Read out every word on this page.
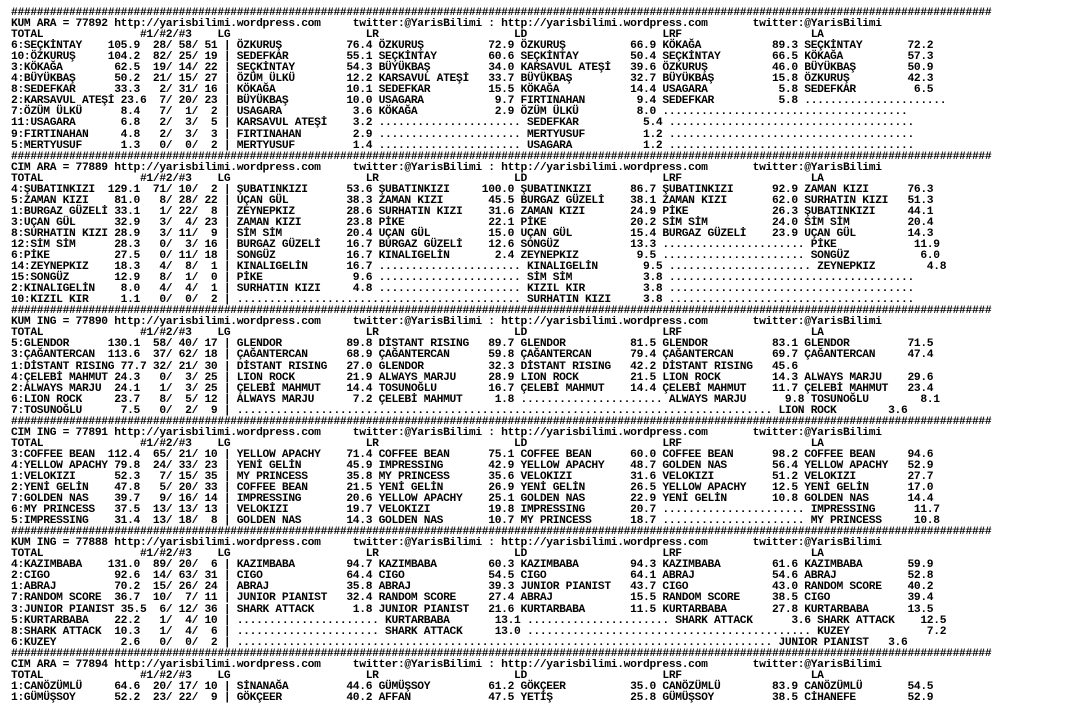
########################################################################################################################################################
KUM ARA = 77892 http://yarisbilimi.wordpress.com     twitter:@YarisBilimi : http://yarisbilimi.wordpress.com       twitter:@YarisBilimi
TOTAL               #1/#2/#3    LG                     LR                     LD                     LRF                    LA
6:SEÇKİNTAY    105.9  28/ 58/ 51 | ÖZKURUŞ          76.4 ÖZKURUŞ          72.9 ÖZKURUŞ          66.9 KÖKAĞA           89.3 SEÇKİNTAY       72.2
10:ÖZKURUŞ     104.2  82/ 25/ 19 | SEDEFKAR         55.1 SEÇKİNTAY        60.6 SEÇKİNTAY        50.4 SEÇKİNTAY        66.5 KÖKAĞA          57.3
3:KÖKAĞA        62.5  19/ 14/ 22 | SEÇKİNTAY        54.3 BÜYÜKBAŞ         34.0 KARSAVUL ATEŞİ   39.6 ÖZKURUŞ          46.0 BÜYÜKBAŞ        50.9
4:BÜYÜKBAŞ      50.2  21/ 15/ 27 | ÖZÜM ÜLKÜ        12.2 KARSAVUL ATEŞİ   33.7 BÜYÜKBAŞ         32.7 BÜYÜKBAŞ         15.8 ÖZKURUŞ         42.3
8:SEDEFKAR      33.3   2/ 31/ 16 | KÖKAĞA           10.1 SEDEFKAR         15.5 KÖKAĞA           14.4 USAGARA           5.8 SEDEFKAR         6.5
2:KARSAVUL ATEŞİ 23.6  7/ 20/ 23 | BÜYÜKBAŞ         10.0 USAGARA           9.7 FIRTINAHAN        9.4 SEDEFKAR          5.8 ......................
7:ÖZÜM ÜLKÜ      8.4   7/  1/  2 | USAGARA           3.6 KÖKAĞA            2.9 ÖZÜM ÜLKÜ         8.0 ......................................
11:USAGARA       6.8   2/  3/  5 | KARSAVUL ATEŞİ    3.2 ...................... SEDEFKAR          5.4 ......................................
9:FIRTINAHAN     4.8   2/  3/  3 | FIRTINAHAN        2.9 ...................... MERTYUSUF         1.2 ......................................
5:MERTYUSUF      1.3   0/  0/  2 | MERTYUSUF         1.4 ...................... USAGARA           1.2 ......................................
########################################################################################################################################################
CIM ARA = 77889 http://yarisbilimi.wordpress.com     twitter:@YarisBilimi : http://yarisbilimi.wordpress.com       twitter:@YarisBilimi
TOTAL               #1/#2/#3    LG                     LR                     LD                     LRF                    LA
4:ŞUBATINKIZI  129.1  71/ 10/  2 | ŞUBATINKIZI      53.6 ŞUBATINKIZI     100.0 ŞUBATINKIZI      86.7 ŞUBATINKIZI      92.9 ZAMAN KIZI      76.3
5:ZAMAN KIZI    81.0   8/ 28/ 22 | UÇAN GÜL         38.3 ZAMAN KIZI       45.5 BURGAZ GÜZELİ    38.1 ZAMAN KIZI       62.0 SURHATIN KIZI   51.3
1:BURGAZ GÜZELİ 33.1   1/ 22/  8 | ZEYNEPKIZ        28.6 SURHATIN KIZI    31.6 ZAMAN KIZI       24.9 PİKE             26.3 ŞUBATINKIZI     44.1
3:UÇAN GÜL      32.9   3/  4/ 23 | ZAMAN KIZI       23.8 PİKE             22.1 PİKE             20.2 SİM SİM          24.0 SİM SİM         20.4
8:SURHATIN KIZI 28.9   3/ 11/  9 | SİM SİM          20.4 UÇAN GÜL         15.0 UÇAN GÜL         15.4 BURGAZ GÜZELİ    23.9 UÇAN GÜL        14.3
12:SİM SİM      28.3   0/  3/ 16 | BURGAZ GÜZELİ    16.7 BURGAZ GÜZELİ    12.6 SONGÜZ           13.3 ...................... PİKE            11.9
6:PİKE          27.5   0/ 11/ 18 | SONGÜZ           16.7 KINALIGELİN       2.4 ZEYNEPKIZ         9.5 ...................... SONGÜZ           6.0
14:ZEYNEPKIZ    18.3   4/  8/  1 | KINALIGELİN      16.7 ...................... KINALIGELİN       9.5 ...................... ZEYNEPKIZ        4.8
15:SONGÜZ       12.9   8/  1/  0 | PİKE              9.6 ...................... SİM SİM           3.8 ......................................
2:KINALIGELİN    8.0   4/  4/  1 | SURHATIN KIZI     4.8 ...................... KIZIL KIR         3.8 ......................................
10:KIZIL KIR     1.1   0/  0/  2 | ............................................ SURHATIN KIZI     3.8 ......................................
########################################################################################################################################################
KUM ING = 77890 http://yarisbilimi.wordpress.com     twitter:@YarisBilimi : http://yarisbilimi.wordpress.com       twitter:@YarisBilimi
TOTAL               #1/#2/#3    LG                     LR                     LD                     LRF                    LA
5:GLENDOR      130.1  58/ 40/ 17 | GLENDOR          89.8 DİSTANT RISING   89.7 GLENDOR          81.5 GLENDOR          83.1 GLENDOR         71.5
3:ÇAĞANTERCAN  113.6  37/ 62/ 18 | ÇAĞANTERCAN      68.9 ÇAĞANTERCAN      59.8 ÇAĞANTERCAN      79.4 ÇAĞANTERCAN      69.7 ÇAĞANTERCAN     47.4
1:DİSTANT RISING 77.7 32/ 21/ 30 | DİSTANT RISING   27.0 GLENDOR          32.3 DİSTANT RISING   42.2 DİSTANT RISING   45.6
4:ÇELEBİ MAHMUT 24.3   0/  3/ 25 | LION ROCK        21.9 ALWAYS MARJU     28.9 LION ROCK        21.5 LION ROCK        14.3 ALWAYS MARJU    29.6
2:ALWAYS MARJU  24.1   1/  3/ 25 | ÇELEBİ MAHMUT    14.4 TOSUNOĞLU        16.7 ÇELEBİ MAHMUT    14.4 ÇELEBİ MAHMUT    11.7 ÇELEBİ MAHMUT   23.4
6:LION ROCK     23.7   8/  5/ 12 | ALWAYS MARJU      7.2 ÇELEBİ MAHMUT     1.8 ...................... ALWAYS MARJU      9.8 TOSUNOĞLU        8.1
7:TOSUNOĞLU      7.5   0/  2/  9 | ................................................................................... LION ROCK        3.6
########################################################################################################################################################
CIM ING = 77891 http://yarisbilimi.wordpress.com     twitter:@YarisBilimi : http://yarisbilimi.wordpress.com       twitter:@YarisBilimi
TOTAL               #1/#2/#3    LG                     LR                     LD                     LRF                    LA
3:COFFEE BEAN  112.4  65/ 21/ 10 | YELLOW APACHY    71.4 COFFEE BEAN      75.1 COFFEE BEAN      60.0 COFFEE BEAN      98.2 COFFEE BEAN     94.6
4:YELLOW APACHY 79.8  24/ 33/ 23 | YENİ GELİN       45.9 IMPRESSING       42.9 YELLOW APACHY    48.7 GOLDEN NAS       56.4 YELLOW APACHY   52.9
1:VELOKIZI      52.3   7/ 15/ 35 | MY PRINCESS      35.8 MY PRINCESS      35.6 VELOKIZI         31.6 VELOKIZI         51.2 VELOKIZI        27.7
2:YENİ GELİN    47.8   5/ 20/ 33 | COFFEE BEAN      21.5 YENİ GELİN       26.9 YENİ GELİN       26.5 YELLOW APACHY    12.5 YENİ GELİN      17.0
7:GOLDEN NAS    39.7   9/ 16/ 14 | IMPRESSING       20.6 YELLOW APACHY    25.1 GOLDEN NAS       22.9 YENİ GELİN       10.8 GOLDEN NAS      14.4
6:MY PRINCESS   37.5  13/ 13/ 13 | VELOKIZI         19.7 VELOKIZI         19.8 IMPRESSING       20.7 ...................... IMPRESSING      11.7
5:IMPRESSING    31.4  13/ 18/  8 | GOLDEN NAS       14.3 GOLDEN NAS       10.7 MY PRINCESS      18.7 ...................... MY PRINCESS     10.8
########################################################################################################################################################
KUM ING = 77888 http://yarisbilimi.wordpress.com     twitter:@YarisBilimi : http://yarisbilimi.wordpress.com       twitter:@YarisBilimi
TOTAL               #1/#2/#3    LG                     LR                     LD                     LRF                    LA
4:KAZIMBABA    131.0  89/ 20/  6 | KAZIMBABA        94.7 KAZIMBABA        60.3 KAZIMBABA        94.3 KAZIMBABA        61.6 KAZIMBABA       59.9
2:CIGO          92.6  14/ 63/ 31 | CIGO             64.4 CIGO             54.5 CIGO             64.1 ABRAJ            54.6 ABRAJ           52.8
1:ABRAJ         70.2  15/ 26/ 24 | ABRAJ            35.8 ABRAJ            39.3 JUNIOR PIANIST   43.7 CIGO             43.0 RANDOM SCORE    40.2
7:RANDOM SCORE  36.7  10/  7/ 11 | JUNIOR PIANIST   32.4 RANDOM SCORE     27.4 ABRAJ            15.5 RANDOM SCORE     38.5 CIGO            39.4
3:JUNIOR PIANIST 35.5  6/ 12/ 36 | SHARK ATTACK      1.8 JUNIOR PIANIST   21.6 KURTARBABA       11.5 KURTARBABA       27.8 KURTARBABA      13.5
5:KURTARBABA    22.2   1/  4/ 10 | ...................... KURTARBABA       13.1 ...................... SHARK ATTACK      3.6 SHARK ATTACK    12.5
8:SHARK ATTACK  10.3   1/  4/  6 | ...................... SHARK ATTACK     13.0 ............................................ KUZEY            7.2
6:KUZEY          2.6   0/  0/  2 | ................................................................................... JUNIOR PIANIST   3.6
########################################################################################################################################################
CIM ARA = 77894 http://yarisbilimi.wordpress.com     twitter:@YarisBilimi : http://yarisbilimi.wordpress.com       twitter:@YarisBilimi
TOTAL               #1/#2/#3    LG                     LR                     LD                     LRF                    LA
1:CANÖZÜMLÜ     64.6  20/ 17/ 10 | SİNANAĞA         44.6 GÜMÜŞSOY         61.2 GÖKÇEER          35.0 CANÖZÜMLÜ        83.9 CANÖZÜMLÜ       54.5
1:GÜMÜŞSOY      52.2  23/ 22/  9 | GÖKÇEER          40.2 AFFAN            47.5 YETİŞ            25.8 GÜMÜŞSOY         38.5 CİHANEFE        52.9
